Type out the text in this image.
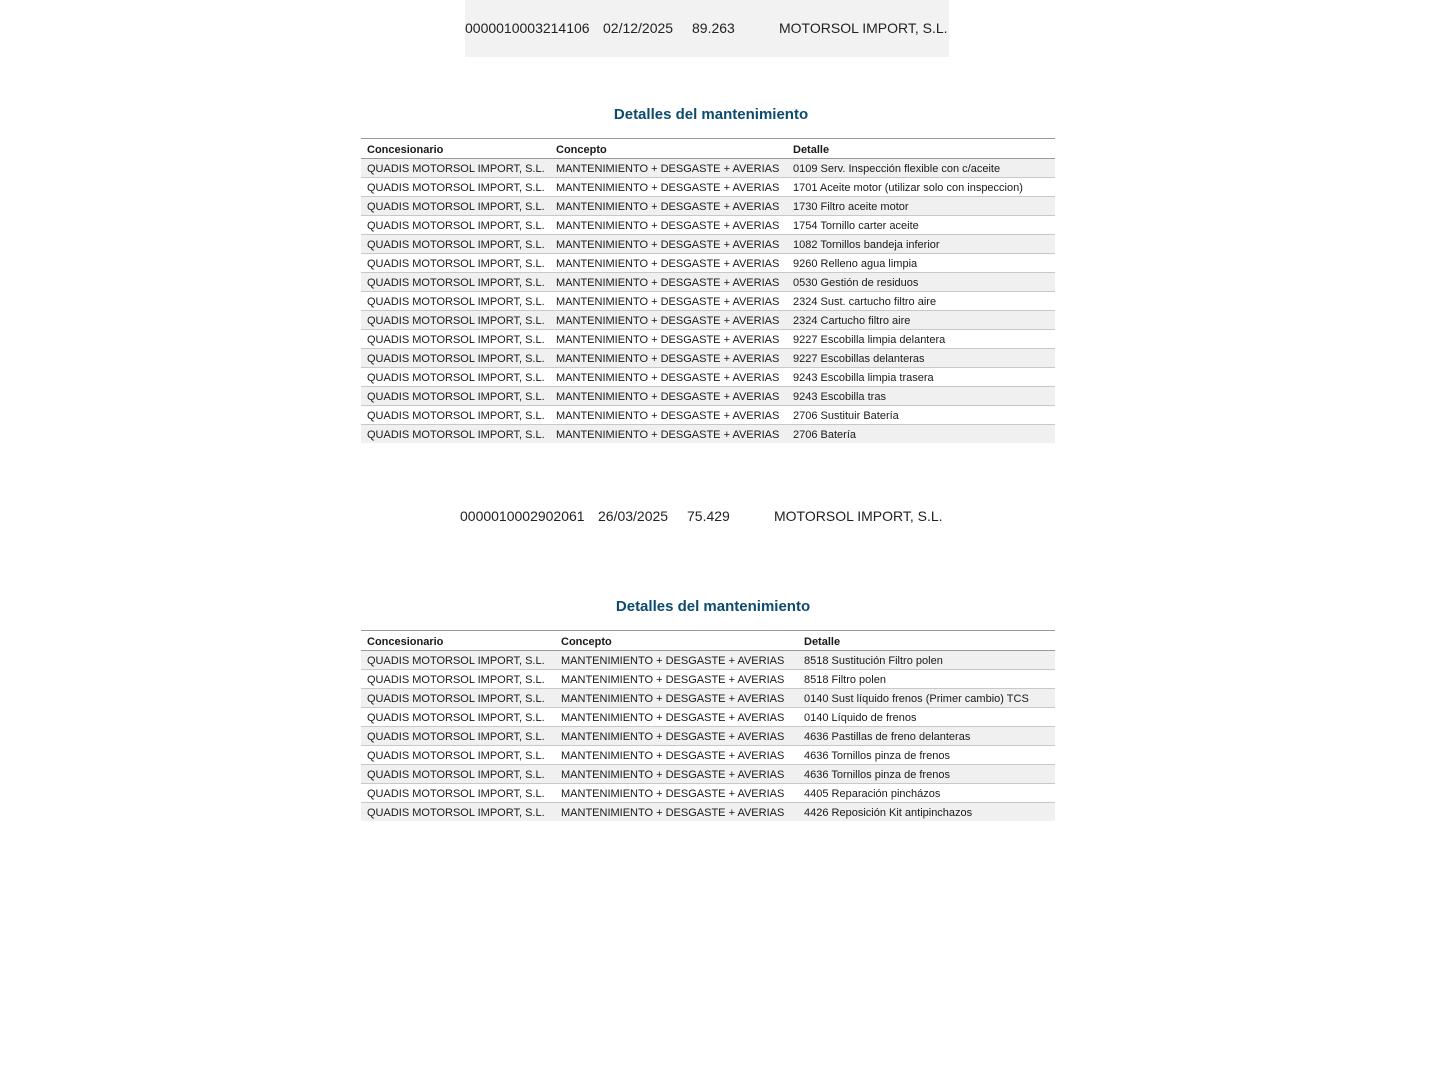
0000010003214106 02/12/2025 89.263	MOTORSOL IMPORT, S.L.
Detalles del mantenimiento
Concesionario	Concepto	Detalle
QUADIS MOTORSOL IMPORT, S.L.	MANTENIMIENTO + DESGASTE + AVERIAS	0109 Serv. Inspección flexible con c/aceite
QUADIS MOTORSOL IMPORT, S.L.	MANTENIMIENTO + DESGASTE + AVERIAS	1701 Aceite motor (utilizar solo con inspeccion)
QUADIS MOTORSOL IMPORT, S.L.	MANTENIMIENTO + DESGASTE + AVERIAS	1730 Filtro aceite motor
QUADIS MOTORSOL IMPORT, S.L.	MANTENIMIENTO + DESGASTE + AVERIAS	1754 Tornillo carter aceite
QUADIS MOTORSOL IMPORT, S.L.	MANTENIMIENTO + DESGASTE + AVERIAS	1082 Tornillos bandeja inferior
QUADIS MOTORSOL IMPORT, S.L.	MANTENIMIENTO + DESGASTE + AVERIAS	9260 Relleno agua limpia
QUADIS MOTORSOL IMPORT, S.L.	MANTENIMIENTO + DESGASTE + AVERIAS	0530 Gestión de residuos
QUADIS MOTORSOL IMPORT, S.L.	MANTENIMIENTO + DESGASTE + AVERIAS	2324 Sust. cartucho filtro aire
QUADIS MOTORSOL IMPORT, S.L.	MANTENIMIENTO + DESGASTE + AVERIAS	2324 Cartucho filtro aire
QUADIS MOTORSOL IMPORT, S.L.	MANTENIMIENTO + DESGASTE + AVERIAS	9227 Escobilla limpia delantera
QUADIS MOTORSOL IMPORT, S.L.	MANTENIMIENTO + DESGASTE + AVERIAS	9227 Escobillas delanteras
QUADIS MOTORSOL IMPORT, S.L.	MANTENIMIENTO + DESGASTE + AVERIAS	9243 Escobilla limpia trasera
QUADIS MOTORSOL IMPORT, S.L.	MANTENIMIENTO + DESGASTE + AVERIAS	9243 Escobilla tras
QUADIS MOTORSOL IMPORT, S.L.	MANTENIMIENTO + DESGASTE + AVERIAS	2706 Sustituir Batería
QUADIS MOTORSOL IMPORT, S.L.	MANTENIMIENTO + DESGASTE + AVERIAS	2706 Batería
0000010002902061 26/03/2025 75.429	MOTORSOL IMPORT, S.L.
Detalles del mantenimiento
Concesionario	Concepto	Detalle
QUADIS MOTORSOL IMPORT, S.L.	MANTENIMIENTO + DESGASTE + AVERIAS	8518 Sustitución Filtro polen
QUADIS MOTORSOL IMPORT, S.L.	MANTENIMIENTO + DESGASTE + AVERIAS	8518 Filtro polen
QUADIS MOTORSOL IMPORT, S.L.	MANTENIMIENTO + DESGASTE + AVERIAS	0140 Sust líquido frenos (Primer cambio) TCS
QUADIS MOTORSOL IMPORT, S.L.	MANTENIMIENTO + DESGASTE + AVERIAS	0140 Líquido de frenos
QUADIS MOTORSOL IMPORT, S.L.	MANTENIMIENTO + DESGASTE + AVERIAS	4636 Pastillas de freno delanteras
QUADIS MOTORSOL IMPORT, S.L.	MANTENIMIENTO + DESGASTE + AVERIAS	4636 Tornillos pinza de frenos
QUADIS MOTORSOL IMPORT, S.L.	MANTENIMIENTO + DESGASTE + AVERIAS	4636 Tornillos pinza de frenos
QUADIS MOTORSOL IMPORT, S.L.	MANTENIMIENTO + DESGASTE + AVERIAS	4405 Reparación pincházos
QUADIS MOTORSOL IMPORT, S.L.	MANTENIMIENTO + DESGASTE + AVERIAS	4426 Reposición Kit antipinchazos
